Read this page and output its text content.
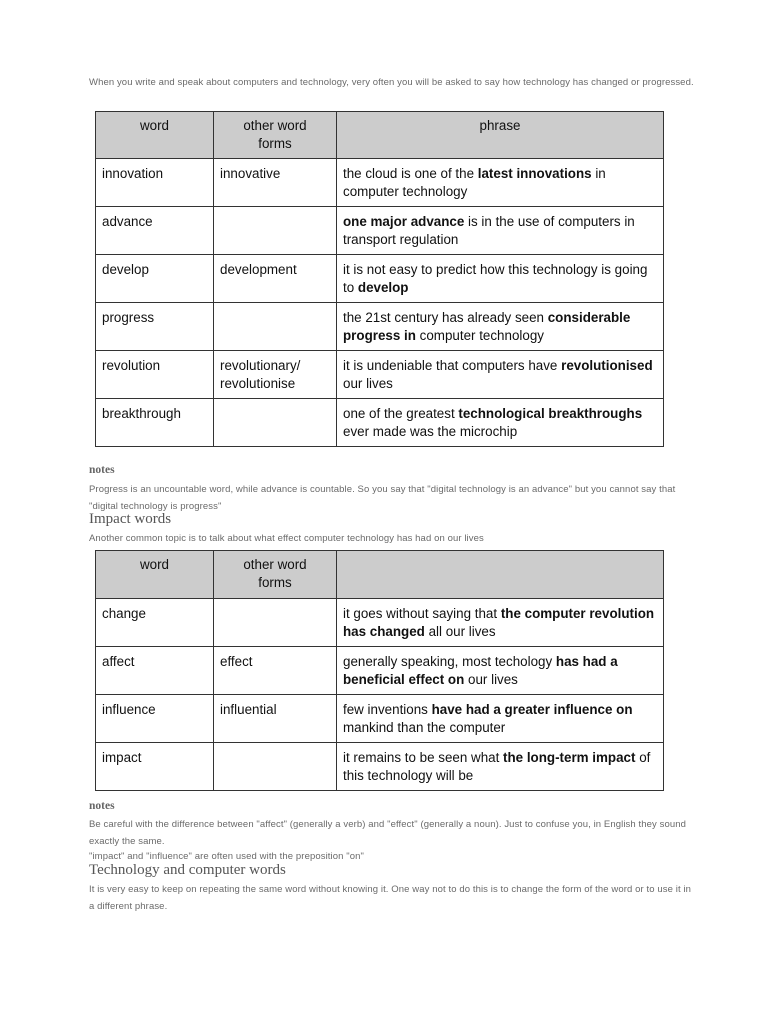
When you write and speak about computers and technology, very often you will be asked to say how technology has changed or progressed.
word	other word forms	phrase
innovation	innovative	the cloud is one of the latest innovations in computer technology
advance		one major advance is in the use of computers in transport regulation
develop	development	it is not easy to predict how this technology is going to develop
progress		the 21st century has already seen considerable progress in computer technology
revolution	revolutionary/ revolutionise	it is undeniable that computers have revolutionised our lives
breakthrough		one of the greatest technological breakthroughs ever made was the microchip
notes
Progress is an uncountable word, while advance is countable. So you say that "digital technology is an advance" but you cannot say that "digital technology is progress"
Impact words
Another common topic is to talk about what effect computer technology has had on our lives
word	other word forms	
change		it goes without saying that the computer revolution has changed all our lives
affect	effect	generally speaking, most techology has had a beneficial effect on our lives
influence	influential	few inventions have had a greater influence on mankind than the computer
impact		it remains to be seen what the long-term impact of this technology will be
notes
Be careful with the difference between "affect" (generally a verb) and "effect" (generally a noun). Just to confuse you, in English they sound exactly the same.
"impact" and "influence" are often used with the preposition "on"
Technology and computer words
It is very easy to keep on repeating the same word without knowing it. One way not to do this is to change the form of the word or to use it in a different phrase.
